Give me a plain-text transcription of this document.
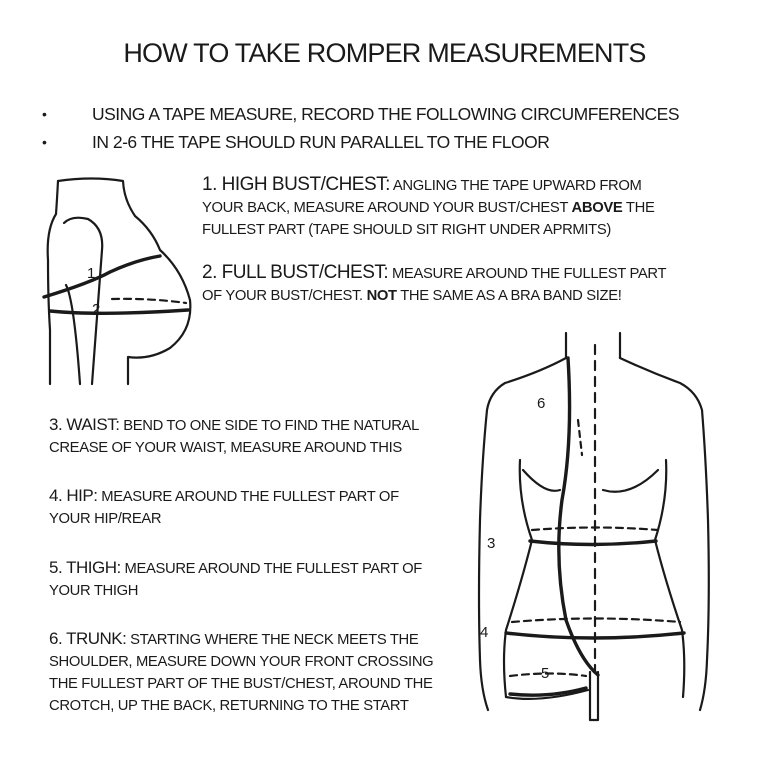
HOW TO TAKE ROMPER MEASUREMENTS
• USING A TAPE MEASURE, RECORD THE FOLLOWING CIRCUMFERENCES
• IN 2-6 THE TAPE SHOULD RUN PARALLEL TO THE FLOOR
1. HIGH BUST/CHEST: ANGLING THE TAPE UPWARD FROM
YOUR BACK, MEASURE AROUND YOUR BUST/CHEST ABOVE THE
FULLEST PART (TAPE SHOULD SIT RIGHT UNDER APRMITS)
2. FULL BUST/CHEST: MEASURE AROUND THE FULLEST PART
OF YOUR BUST/CHEST. NOT THE SAME AS A BRA BAND SIZE!
3. WAIST: BEND TO ONE SIDE TO FIND THE NATURAL
CREASE OF YOUR WAIST, MEASURE AROUND THIS
4. HIP: MEASURE AROUND THE FULLEST PART OF
YOUR HIP/REAR
5. THIGH: MEASURE AROUND THE FULLEST PART OF
YOUR THIGH
6. TRUNK: STARTING WHERE THE NECK MEETS THE
SHOULDER, MEASURE DOWN YOUR FRONT CROSSING
THE FULLEST PART OF THE BUST/CHEST, AROUND THE
CROTCH, UP THE BACK, RETURNING TO THE START
1
2
6
3
4
5
